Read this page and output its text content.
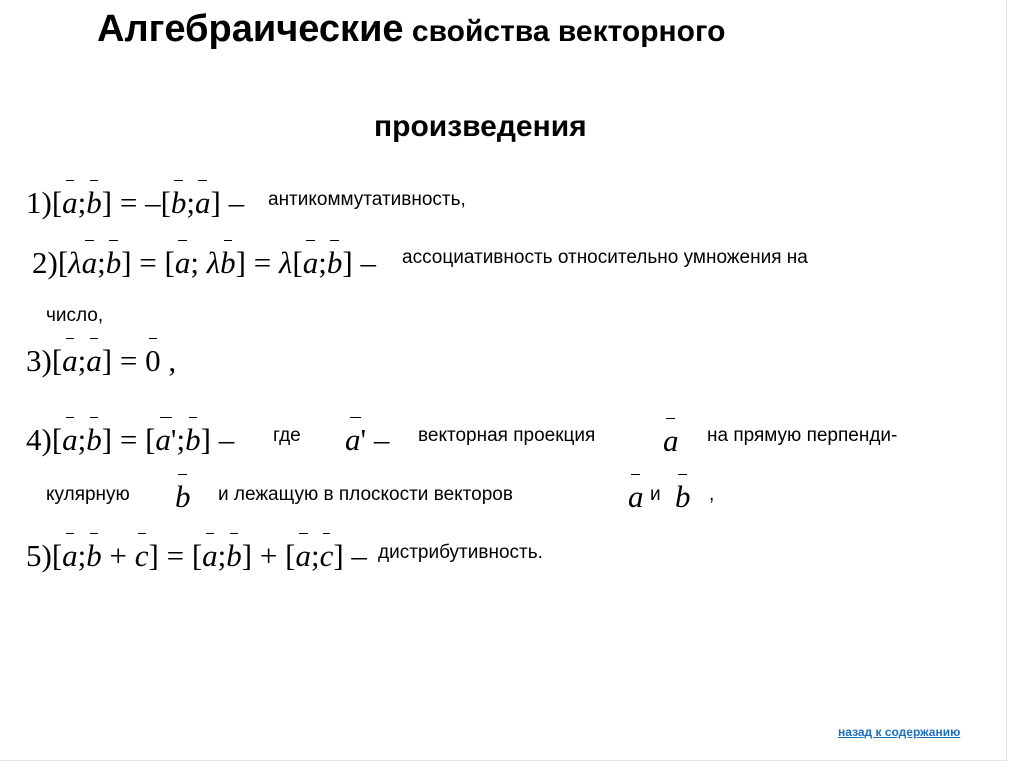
Алгебраические свойства векторного
произведения
1)[a;b] = –[b;a] – антикоммутативность,
2)[λa;b] = [a; λb] = λ[a;b] – ассоциативность относительно умножения на
число,
3)[a;a] = 0 ,
4)[a;b] = [a';b] – где a' – векторная проекция a на прямую перпенди-
кулярную b и лежащую в плоскости векторов	a и b ,
5)[a;b + c] = [a;b] + [a;c] – дистрибутивность.
назад к содержанию
